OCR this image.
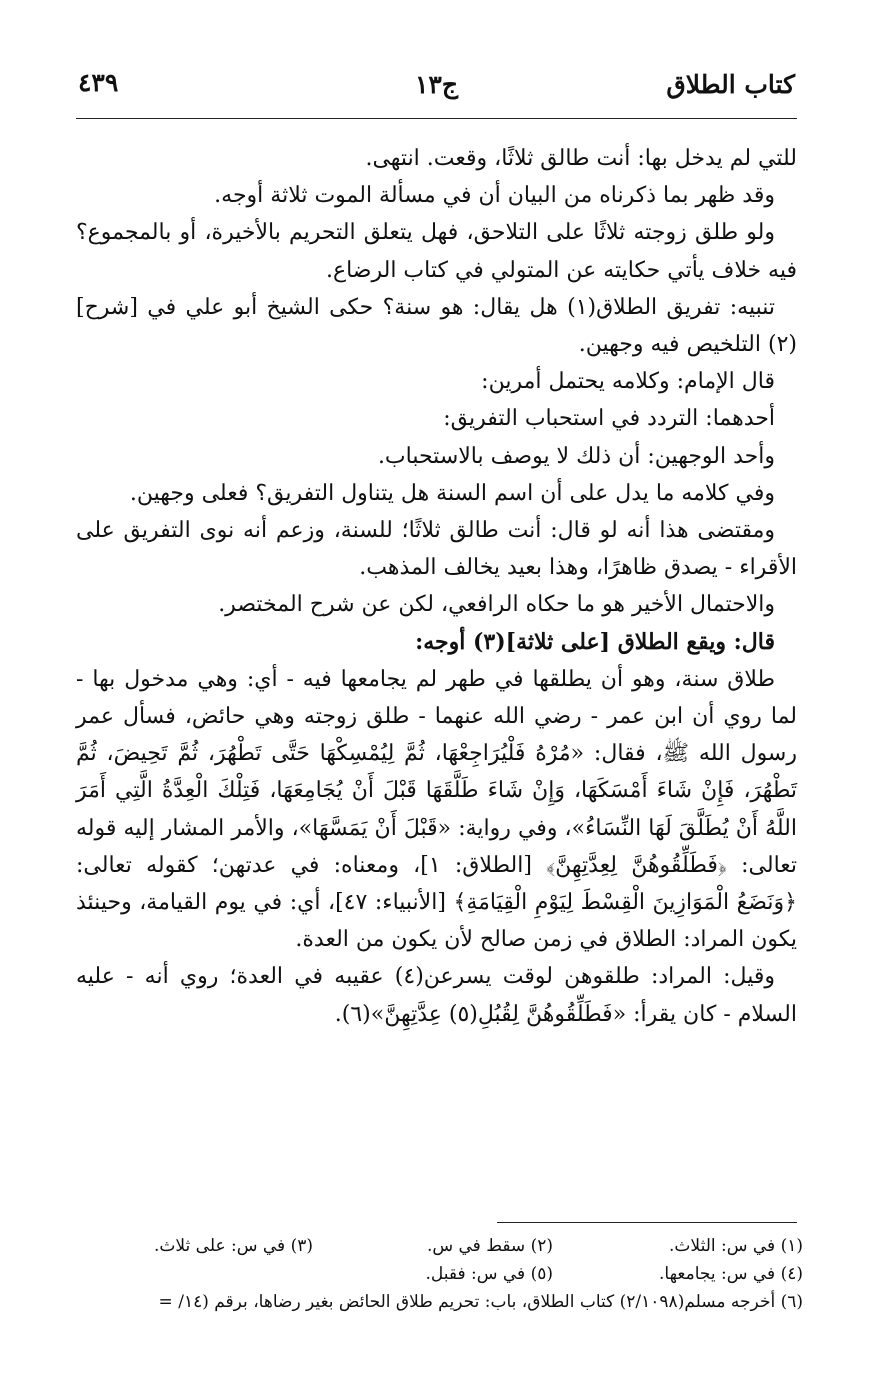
كتاب الطلاق
ج١٣
٤٣٩

للتي لم يدخل بها: أنت طالق ثلاثًا، وقعت. انتهى.

وقد ظهر بما ذكرناه من البيان أن في مسألة الموت ثلاثة أوجه.

ولو طلق زوجته ثلاثًا على التلاحق، فهل يتعلق التحريم بالأخيرة، أو بالمجموع؟ فيه خلاف يأتي حكايته عن المتولي في كتاب الرضاع.

تنبيه: تفريق الطلاق(١) هل يقال: هو سنة؟ حكى الشيخ أبو علي في [شرح](٢) التلخيص فيه وجهين.

قال الإمام: وكلامه يحتمل أمرين:

أحدهما: التردد في استحباب التفريق:

وأحد الوجهين: أن ذلك لا يوصف بالاستحباب.

وفي كلامه ما يدل على أن اسم السنة هل يتناول التفريق؟ فعلى وجهين.

ومقتضى هذا أنه لو قال: أنت طالق ثلاثًا؛ للسنة، وزعم أنه نوى التفريق على الأقراء - يصدق ظاهرًا، وهذا بعيد يخالف المذهب.

والاحتمال الأخير هو ما حكاه الرافعي، لكن عن شرح المختصر.

قال: ويقع الطلاق [على ثلاثة](٣) أوجه:

طلاق سنة، وهو أن يطلقها في طهر لم يجامعها فيه - أي: وهي مدخول بها - لما روي أن ابن عمر - رضي الله عنهما - طلق زوجته وهي حائض، فسأل عمر رسول الله ﷺ، فقال: «مُرْهُ فَلْيُرَاجِعْهَا، ثُمَّ لِيُمْسِكْهَا حَتَّى تَطْهُرَ، ثُمَّ تَحِيضَ، ثُمَّ تَطْهُرَ، فَإِنْ شَاءَ أَمْسَكَهَا، وَإِنْ شَاءَ طَلَّقَهَا قَبْلَ أَنْ يُجَامِعَهَا، فَتِلْكَ الْعِدَّةُ الَّتِي أَمَرَ اللَّهُ أَنْ يُطَلَّقَ لَهَا النِّسَاءُ»، وفي رواية: «قَبْلَ أَنْ يَمَسَّهَا»، والأمر المشار إليه قوله تعالى: ﴿فَطَلِّقُوهُنَّ لِعِدَّتِهِنَّ﴾ [الطلاق: ١]، ومعناه: في عدتهن؛ كقوله تعالى: ﴿وَنَضَعُ الْمَوَازِينَ الْقِسْطَ لِيَوْمِ الْقِيَامَةِ﴾ [الأنبياء: ٤٧]، أي: في يوم القيامة، وحينئذ يكون المراد: الطلاق في زمن صالح لأن يكون من العدة.

وقيل: المراد: طلقوهن لوقت يسرعن(٤) عقيبه في العدة؛ روي أنه - عليه السلام - كان يقرأ: «فَطَلِّقُوهُنَّ لِقُبُلِ(٥) عِدَّتِهِنَّ»(٦).

(١) في س: الثلاث.
(٢) سقط في س.
(٣) في س: على ثلاث.
(٤) في س: يجامعها.
(٥) في س: فقبل.
(٦) أخرجه مسلم(٢/١٠٩٨) كتاب الطلاق، باب: تحريم طلاق الحائض بغير رضاها، برقم (١٤/ =
